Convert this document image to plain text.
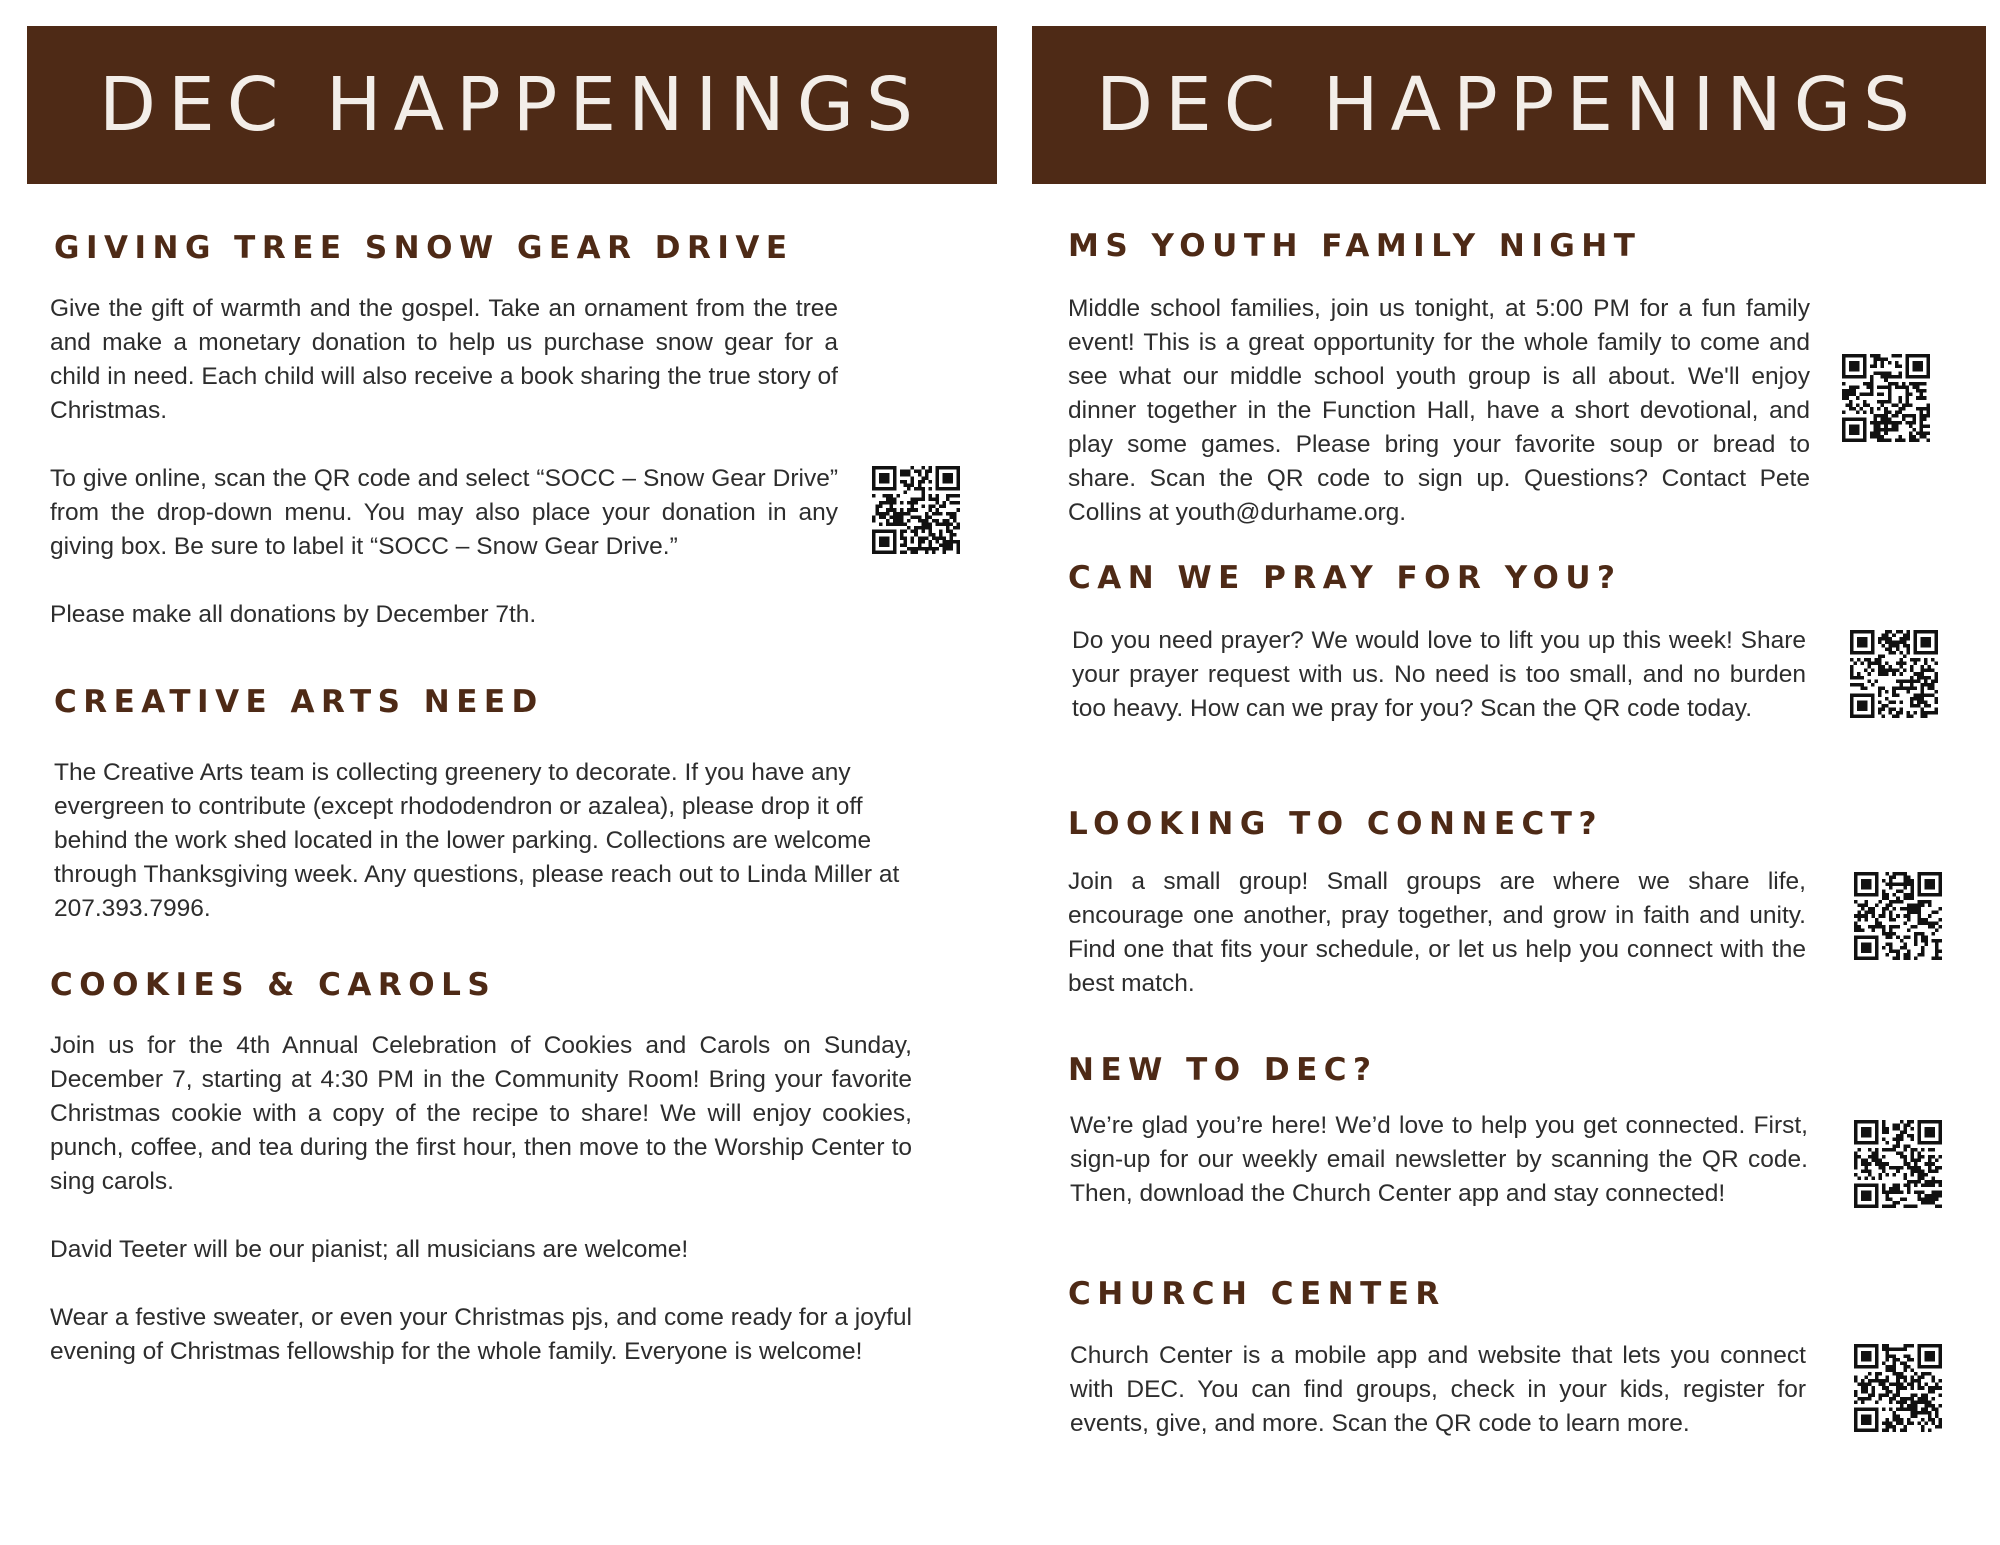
DEC HAPPENINGS
GIVING TREE SNOW GEAR DRIVE

Give the gift of warmth and the gospel. Take an ornament from the tree and make a monetary donation to help us purchase snow gear for a child in need. Each child will also receive a book sharing the true story of Christmas.

To give online, scan the QR code and select “SOCC – Snow Gear Drive” from the drop-down menu. You may also place your donation in any giving box. Be sure to label it “SOCC – Snow Gear Drive.”

Please make all donations by December 7th.

CREATIVE ARTS NEED

The Creative Arts team is collecting greenery to decorate. If you have any evergreen to contribute (except rhododendron or azalea), please drop it off behind the work shed located in the lower parking. Collections are welcome through Thanksgiving week. Any questions, please reach out to Linda Miller at 207.393.7996.

COOKIES & CAROLS

Join us for the 4th Annual Celebration of Cookies and Carols on Sunday, December 7, starting at 4:30 PM in the Community Room! Bring your favorite Christmas cookie with a copy of the recipe to share! We will enjoy cookies, punch, coffee, and tea during the first hour, then move to the Worship Center to sing carols.

David Teeter will be our pianist; all musicians are welcome!

Wear a festive sweater, or even your Christmas pjs, and come ready for a joyful evening of Christmas fellowship for the whole family. Everyone is welcome!

DEC HAPPENINGS
MS YOUTH FAMILY NIGHT

Middle school families, join us tonight, at 5:00 PM for a fun family event! This is a great opportunity for the whole family to come and see what our middle school youth group is all about. We'll enjoy dinner together in the Function Hall, have a short devotional, and play some games. Please bring your favorite soup or bread to share. Scan the QR code to sign up. Questions? Contact Pete Collins at youth@durhame.org.

CAN WE PRAY FOR YOU?

Do you need prayer? We would love to lift you up this week! Share your prayer request with us. No need is too small, and no burden too heavy. How can we pray for you? Scan the QR code today.

LOOKING TO CONNECT?

Join a small group! Small groups are where we share life, encourage one another, pray together, and grow in faith and unity. Find one that fits your schedule, or let us help you connect with the best match.

NEW TO DEC?

We’re glad you’re here! We’d love to help you get connected. First, sign-up for our weekly email newsletter by scanning the QR code. Then, download the Church Center app and stay connected!

CHURCH CENTER

Church Center is a mobile app and website that lets you connect with DEC. You can find groups, check in your kids, register for events, give, and more. Scan the QR code to learn more.
